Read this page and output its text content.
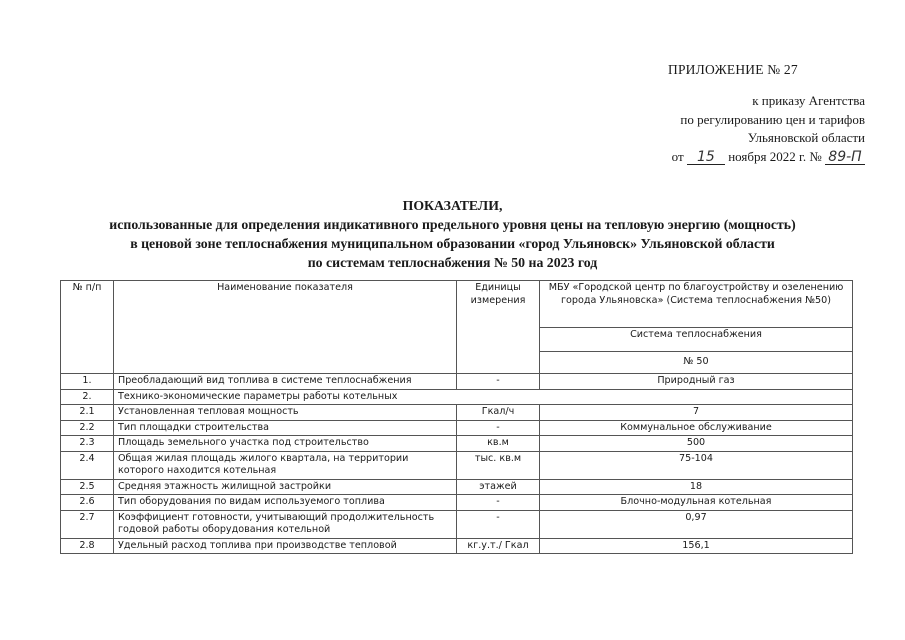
ПРИЛОЖЕНИЕ № 27
к приказу Агентства
по регулированию цен и тарифов
Ульяновской области
от 15 ноября 2022 г. № 89-П
ПОКАЗАТЕЛИ,
использованные для определения индикативного предельного уровня цены на тепловую энергию (мощность)
в ценовой зоне теплоснабжения муниципальном образовании «город Ульяновск» Ульяновской области
по системам теплоснабжения № 50 на 2023 год
№ п/п	Наименование показателя	Единицы измерения	МБУ «Городской центр по благоустройству и озеленению города Ульяновска» (Система теплоснабжения №50)
			Система теплоснабжения
			№ 50
1.	Преобладающий вид топлива в системе теплоснабжения	-	Природный газ
2.	Технико-экономические параметры работы котельных		
2.1	Установленная тепловая мощность	Гкал/ч	7
2.2	Тип площадки строительства	-	Коммунальное обслуживание
2.3	Площадь земельного участка под строительство	кв.м	500
2.4	Общая жилая площадь жилого квартала, на территории которого находится котельная	тыс. кв.м	75-104
2.5	Средняя этажность жилищной застройки	этажей	18
2.6	Тип оборудования по видам используемого топлива	-	Блочно-модульная котельная
2.7	Коэффициент готовности, учитывающий продолжительность годовой работы оборудования котельной	-	0,97
2.8	Удельный расход топлива при производстве тепловой	кг.у.т./ Гкал	156,1
